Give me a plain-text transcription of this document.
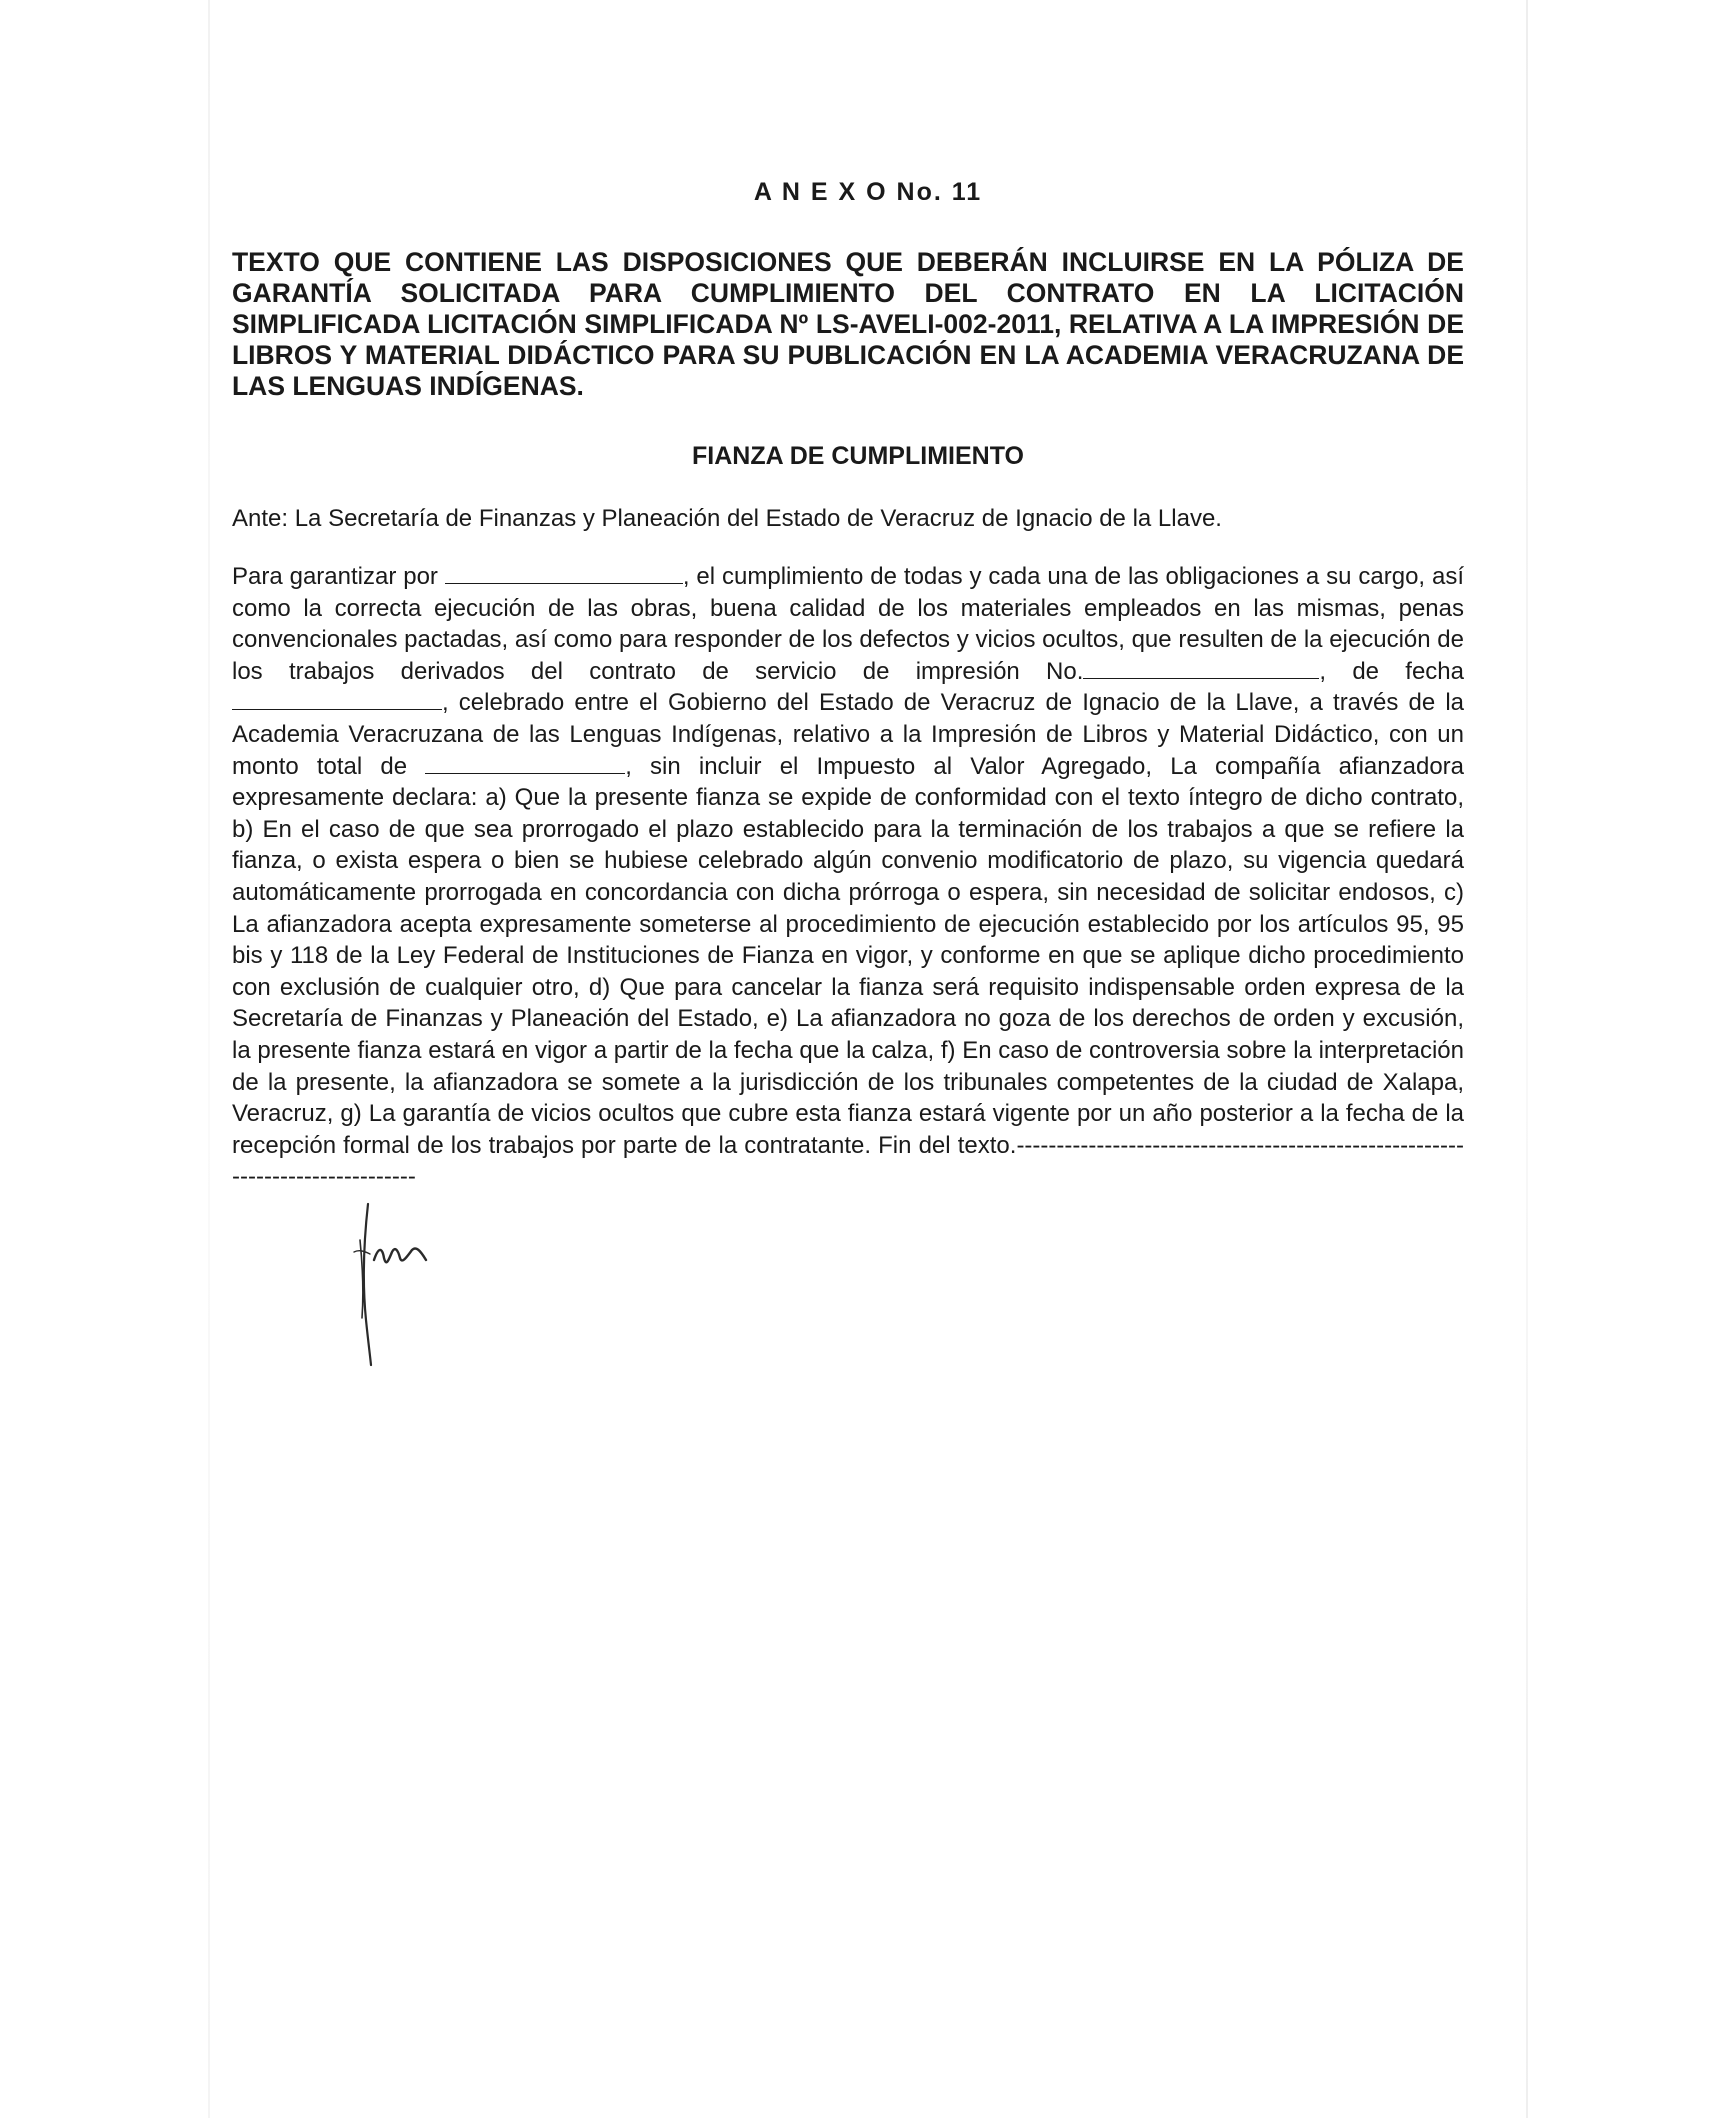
A N E X O No. 11

TEXTO QUE CONTIENE LAS DISPOSICIONES QUE DEBERÁN INCLUIRSE EN LA PÓLIZA DE GARANTÍA SOLICITADA PARA CUMPLIMIENTO DEL CONTRATO EN LA LICITACIÓN SIMPLIFICADA LICITACIÓN SIMPLIFICADA Nº LS-AVELI-002-2011, RELATIVA A LA IMPRESIÓN DE LIBROS Y MATERIAL DIDÁCTICO PARA SU PUBLICACIÓN EN LA ACADEMIA VERACRUZANA DE LAS LENGUAS INDÍGENAS.

FIANZA DE CUMPLIMIENTO

Ante: La Secretaría de Finanzas y Planeación del Estado de Veracruz de Ignacio de la Llave.

Para garantizar por	, el cumplimiento de todas y cada una de las obligaciones a su cargo, así como la correcta ejecución de las obras, buena calidad de los materiales empleados en las mismas, penas convencionales pactadas, así como para responder de los defectos y vicios ocultos, que resulten de la ejecución de los trabajos derivados del contrato de servicio de impresión No.	, de fecha , celebrado entre el Gobierno del Estado de Veracruz de Ignacio de la Llave, a través de la Academia Veracruzana de las Lenguas Indígenas, relativo a la Impresión de Libros y Material Didáctico, con un monto total de	, sin incluir el Impuesto al Valor Agregado, La compañía afianzadora expresamente declara: a) Que la presente fianza se expide de conformidad con el texto íntegro de dicho contrato, b) En el caso de que sea prorrogado el plazo establecido para la terminación de los trabajos a que se refiere la fianza, o exista espera o bien se hubiese celebrado algún convenio modificatorio de plazo, su vigencia quedará automáticamente prorrogada en concordancia con dicha prórroga o espera, sin necesidad de solicitar endosos, c) La afianzadora acepta expresamente someterse al procedimiento de ejecución establecido por los artículos 95, 95 bis y 118 de la Ley Federal de Instituciones de Fianza en vigor, y conforme en que se aplique dicho procedimiento con exclusión de cualquier otro, d) Que para cancelar la fianza será requisito indispensable orden expresa de la Secretaría de Finanzas y Planeación del Estado, e) La afianzadora no goza de los derechos de orden y excusión, la presente fianza estará en vigor a partir de la fecha que la calza, f) En caso de controversia sobre la interpretación de la presente, la afianzadora se somete a la jurisdicción de los tribunales competentes de la ciudad de Xalapa, Veracruz, g) La garantía de vicios ocultos que cubre esta fianza estará vigente por un año posterior a la fecha de la recepción formal de los trabajos por parte de la contratante. Fin del texto.-------------------------------------------------------------------------------
